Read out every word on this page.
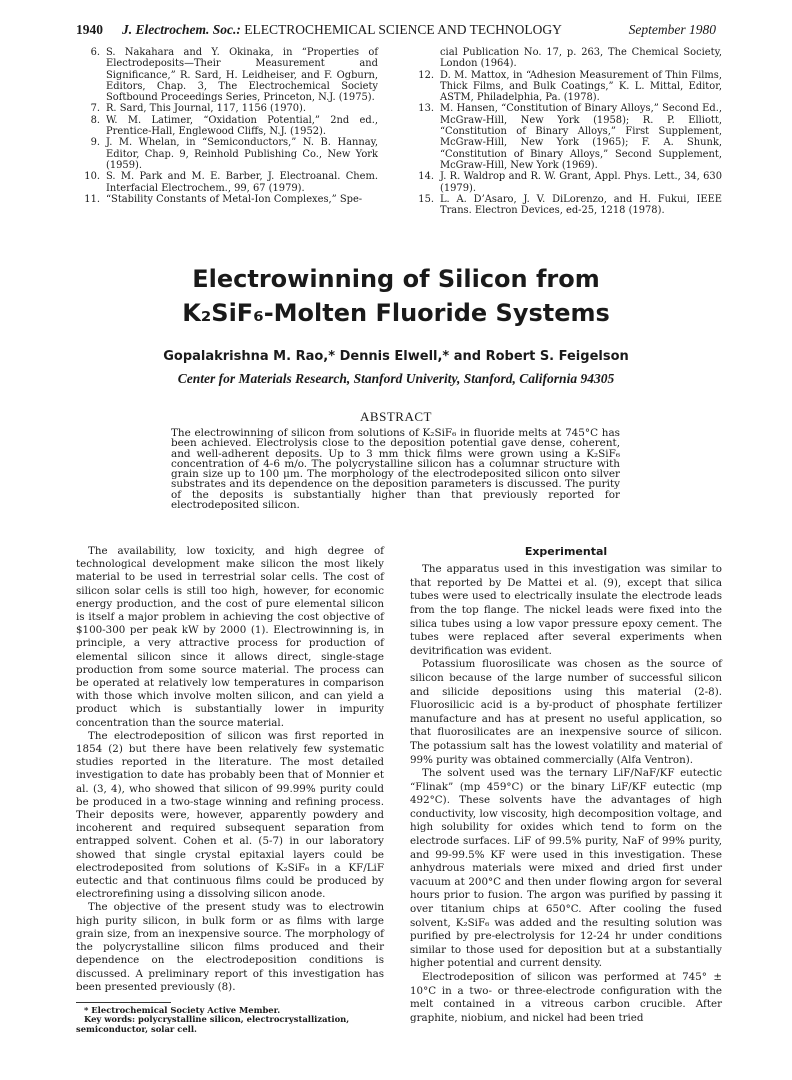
1940 J. Electrochem. Soc.: ELECTROCHEMICAL SCIENCE AND TECHNOLOGY	September 1980
6. S. Nakahara and Y. Okinaka, in “Properties of Electrodeposits—Their Measurement and Significance,” R. Sard, H. Leidheiser, and F. Ogburn, Editors, Chap. 3, The Electrochemical Society Softbound Proceedings Series, Princeton, N.J. (1975).
7. R. Sard, This Journal, 117, 1156 (1970).
8. W. M. Latimer, “Oxidation Potential,” 2nd ed., Prentice-Hall, Englewood Cliffs, N.J. (1952).
9. J. M. Whelan, in “Semiconductors,” N. B. Hannay, Editor, Chap. 9, Reinhold Publishing Co., New York (1959).
10. S. M. Park and M. E. Barber, J. Electroanal. Chem. Interfacial Electrochem., 99, 67 (1979).
11. “Stability Constants of Metal-Ion Complexes,” Spe-
cial Publication No. 17, p. 263, The Chemical Society, London (1964).
12. D. M. Mattox, in “Adhesion Measurement of Thin Films, Thick Films, and Bulk Coatings,” K. L. Mittal, Editor, ASTM, Philadelphia, Pa. (1978).
13. M. Hansen, “Constitution of Binary Alloys,” Second Ed., McGraw-Hill, New York (1958); R. P. Elliott, “Constitution of Binary Alloys,” First Supplement, McGraw-Hill, New York (1965); F. A. Shunk, “Constitution of Binary Alloys,” Second Supplement, McGraw-Hill, New York (1969).
14. J. R. Waldrop and R. W. Grant, Appl. Phys. Lett., 34, 630 (1979).
15. L. A. D’Asaro, J. V. DiLorenzo, and H. Fukui, IEEE Trans. Electron Devices, ed-25, 1218 (1978).
Electrowinning of Silicon from
K₂SiF₆-Molten Fluoride Systems

Gopalakrishna M. Rao,* Dennis Elwell,* and Robert S. Feigelson

Center for Materials Research, Stanford Univerity, Stanford, California 94305

ABSTRACT

The electrowinning of silicon from solutions of K₂SiF₆ in fluoride melts at 745°C has been achieved. Electrolysis close to the deposition potential gave dense, coherent, and well-adherent deposits. Up to 3 mm thick films were grown using a K₂SiF₆ concentration of 4-6 m/o. The polycrystalline silicon has a columnar structure with grain size up to 100 μm. The morphology of the electrodeposited silicon onto silver substrates and its dependence on the deposition parameters is discussed. The purity of the deposits is substantially higher than that previously reported for electrodeposited silicon.

The availability, low toxicity, and high degree of technological development make silicon the most likely material to be used in terrestrial solar cells. The cost of silicon solar cells is still too high, however, for economic energy production, and the cost of pure elemental silicon is itself a major problem in achieving the cost objective of $100-300 per peak kW by 2000 (1). Electrowinning is, in principle, a very attractive process for production of elemental silicon since it allows direct, single-stage production from some source material. The process can be operated at relatively low temperatures in comparison with those which involve molten silicon, and can yield a product which is substantially lower in impurity concentration than the source material.

The electrodeposition of silicon was first reported in 1854 (2) but there have been relatively few systematic studies reported in the literature. The most detailed investigation to date has probably been that of Monnier et al. (3, 4), who showed that silicon of 99.99% purity could be produced in a two-stage winning and refining process. Their deposits were, however, apparently powdery and incoherent and required subsequent separation from entrapped solvent. Cohen et al. (5-7) in our laboratory showed that single crystal epitaxial layers could be electrodeposited from solutions of K₂SiF₆ in a KF/LiF eutectic and that continuous films could be produced by electrorefining using a dissolving silicon anode.

The objective of the present study was to electrowin high purity silicon, in bulk form or as films with large grain size, from an inexpensive source. The morphology of the polycrystalline silicon films produced and their dependence on the electrodeposition conditions is discussed. A preliminary report of this investigation has been presented previously (8).

* Electrochemical Society Active Member.

Key words: polycrystalline silicon, electrocrystallization, semiconductor, solar cell.

Experimental

The apparatus used in this investigation was similar to that reported by De Mattei et al. (9), except that silica tubes were used to electrically insulate the electrode leads from the top flange. The nickel leads were fixed into the silica tubes using a low vapor pressure epoxy cement. The tubes were replaced after several experiments when devitrification was evident.

Potassium fluorosilicate was chosen as the source of silicon because of the large number of successful silicon and silicide depositions using this material (2-8). Fluorosilicic acid is a by-product of phosphate fertilizer manufacture and has at present no useful application, so that fluorosilicates are an inexpensive source of silicon. The potassium salt has the lowest volatility and material of 99% purity was obtained commercially (Alfa Ventron).

The solvent used was the ternary LiF/NaF/KF eutectic “Flinak” (mp 459°C) or the binary LiF/KF eutectic (mp 492°C). These solvents have the advantages of high conductivity, low viscosity, high decomposition voltage, and high solubility for oxides which tend to form on the electrode surfaces. LiF of 99.5% purity, NaF of 99% purity, and 99-99.5% KF were used in this investigation. These anhydrous materials were mixed and dried first under vacuum at 200°C and then under flowing argon for several hours prior to fusion. The argon was purified by passing it over titanium chips at 650°C. After cooling the fused solvent, K₂SiF₆ was added and the resulting solution was purified by pre-electrolysis for 12-24 hr under conditions similar to those used for deposition but at a substantially higher potential and current density.

Electrodeposition of silicon was performed at 745° ± 10°C in a two- or three-electrode configuration with the melt contained in a vitreous carbon crucible. After graphite, niobium, and nickel had been tried
